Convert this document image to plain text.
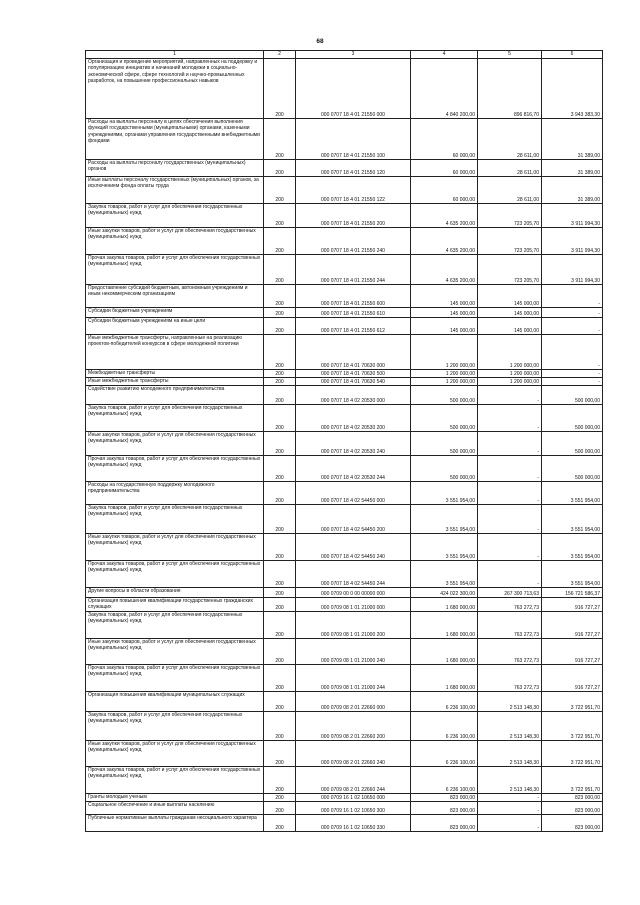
68
1	2	3	4	5	6
Организация и проведение мероприятий, направленных на поддержку и популяризацию инициатив и начинаний молодежи в социально-экономической сфере, сфере технологий и научно-промышленных разработок, на повышение профессиональных навыков	200	000 0707 18 4 01 21550 000	4 840 200,00	896 816,70	3 943 383,30
Расходы на выплаты персоналу в целях обеспечения выполнения функций государственными (муниципальными) органами, казенными учреждениями, органами управления государственными внебюджетными фондами	200	000 0707 18 4 01 21550 100	60 000,00	28 611,00	31 389,00
Расходы на выплаты персоналу государственных (муниципальных) органов	200	000 0707 18 4 01 21550 120	60 000,00	28 611,00	31 389,00
Иные выплаты персоналу государственных (муниципальных) органов, за исключением фонда оплаты труда	200	000 0707 18 4 01 21550 122	60 000,00	28 611,00	31 389,00
Закупка товаров, работ и услуг для обеспечения государственных (муниципальных) нужд	200	000 0707 18 4 01 21550 200	4 635 200,00	723 205,70	3 911 994,30
Иные закупки товаров, работ и услуг для обеспечения государственных (муниципальных) нужд	200	000 0707 18 4 01 21550 240	4 635 200,00	723 205,70	3 911 994,30
Прочая закупка товаров, работ и услуг для обеспечения государственных (муниципальных) нужд	200	000 0707 18 4 01 21550 244	4 635 200,00	723 205,70	3 911 994,30
Предоставление субсидий бюджетным, автономным учреждениям и иным некоммерческим организациям	200	000 0707 18 4 01 21550 600	145 000,00	145 000,00	-
Субсидии бюджетным учреждениям	200	000 0707 18 4 01 21550 610	145 000,00	145 000,00	-
Субсидии бюджетным учреждениям на иные цели	200	000 0707 18 4 01 21550 612	145 000,00	145 000,00	-
Иные межбюджетные трансферты, направленные на реализацию проектов-победителей конкурсов в сфере молодежной политики	200	000 0707 18 4 01 70630 000	1 200 000,00	1 200 000,00	-
Межбюджетные трансферты	200	000 0707 18 4 01 70630 500	1 200 000,00	1 200 000,00	-
Иные межбюджетные трансферты	200	000 0707 18 4 01 70630 540	1 200 000,00	1 200 000,00	-
Содействие развитию молодежного предпринимательства	200	000 0707 18 4 02 20530 000	500 000,00	-	500 000,00
Закупка товаров, работ и услуг для обеспечения государственных (муниципальных) нужд	200	000 0707 18 4 02 20530 200	500 000,00	-	500 000,00
Иные закупки товаров, работ и услуг для обеспечения государственных (муниципальных) нужд	200	000 0707 18 4 02 20530 240	500 000,00	-	500 000,00
Прочая закупка товаров, работ и услуг для обеспечения государственных (муниципальных) нужд	200	000 0707 18 4 02 20530 244	500 000,00	-	500 000,00
Расходы на государственную поддержку молодежного предпринимательства	200	000 0707 18 4 02 54450 000	3 551 954,00	-	3 551 954,00
Закупка товаров, работ и услуг для обеспечения государственных (муниципальных) нужд	200	000 0707 18 4 02 54450 200	3 551 954,00	-	3 551 954,00
Иные закупки товаров, работ и услуг для обеспечения государственных (муниципальных) нужд	200	000 0707 18 4 02 54450 240	3 551 954,00	-	3 551 954,00
Прочая закупка товаров, работ и услуг для обеспечения государственных (муниципальных) нужд	200	000 0707 18 4 02 54450 244	3 551 954,00	-	3 551 954,00
Другие вопросы в области образования	200	000 0709 00 0 00 00000 000	424 022 300,00	267 300 713,63	156 721 586,37
Организация повышения квалификации государственных гражданских служащих	200	000 0709 08 1 01 21000 000	1 680 000,00	763 272,73	916 727,27
Закупка товаров, работ и услуг для обеспечения государственных (муниципальных) нужд	200	000 0709 08 1 01 21000 200	1 680 000,00	763 272,73	916 727,27
Иные закупки товаров, работ и услуг для обеспечения государственных (муниципальных) нужд	200	000 0709 08 1 01 21000 240	1 680 000,00	763 272,73	916 727,27
Прочая закупка товаров, работ и услуг для обеспечения государственных (муниципальных) нужд	200	000 0709 08 1 01 21000 244	1 680 000,00	763 272,73	916 727,27
Организация повышения квалификации муниципальных служащих	200	000 0709 08 2 01 22660 000	6 236 100,00	2 513 148,30	3 722 951,70
Закупка товаров, работ и услуг для обеспечения государственных (муниципальных) нужд	200	000 0709 08 2 01 22660 200	6 236 100,00	2 513 148,30	3 722 951,70
Иные закупки товаров, работ и услуг для обеспечения государственных (муниципальных) нужд	200	000 0709 08 2 01 22660 240	6 236 100,00	2 513 148,30	3 722 951,70
Прочая закупка товаров, работ и услуг для обеспечения государственных (муниципальных) нужд	200	000 0709 08 2 01 22660 244	6 236 100,00	2 513 148,30	3 722 951,70
Гранты молодым ученым	200	000 0709 16 1 02 10650 000	823 000,00	-	823 000,00
Социальное обеспечение и иные выплаты населению	200	000 0709 16 1 02 10650 300	823 000,00	-	823 000,00
Публичные нормативные выплаты гражданам несоциального характера	200	000 0709 16 1 02 10650 330	823 000,00	-	823 000,00
